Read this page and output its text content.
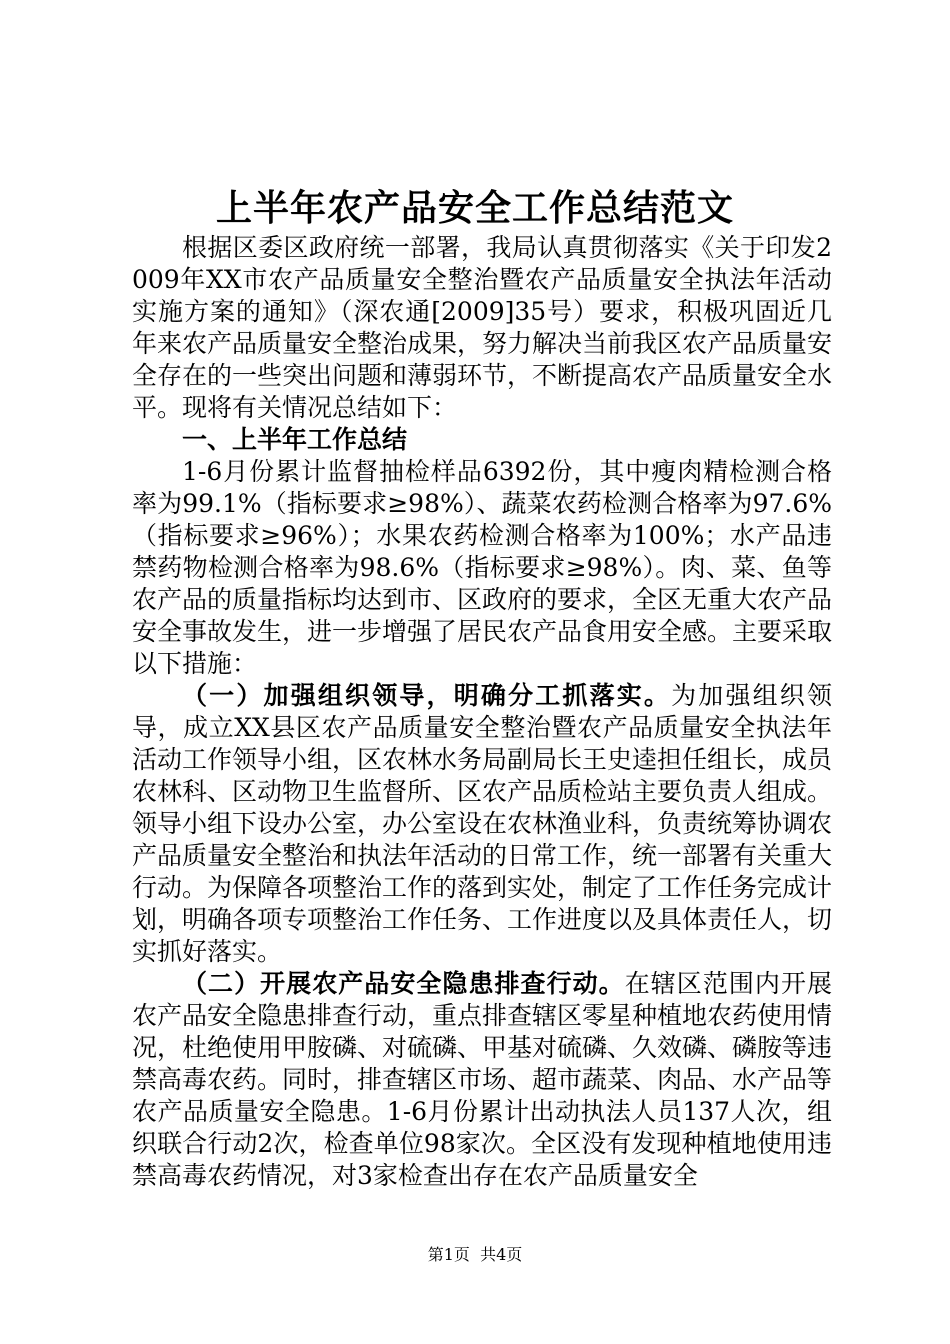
上半年农产品安全工作总结范文

根据区委区政府统一部署，我局认真贯彻落实《关于印发2009年XX市农产品质量安全整治暨农产品质量安全执法年活动实施方案的通知》（深农通[2009]35号）要求，积极巩固近几年来农产品质量安全整治成果，努力解决当前我区农产品质量安全存在的一些突出问题和薄弱环节，不断提高农产品质量安全水平。现将有关情况总结如下：

一、上半年工作总结

1-6月份累计监督抽检样品6392份，其中瘦肉精检测合格率为99.1%（指标要求≥98%）、蔬菜农药检测合格率为97.6%（指标要求≥96%）；水果农药检测合格率为100%；水产品违禁药物检测合格率为98.6%（指标要求≥98%）。肉、菜、鱼等农产品的质量指标均达到市、区政府的要求，全区无重大农产品安全事故发生，进一步增强了居民农产品食用安全感。主要采取以下措施：

（一）加强组织领导，明确分工抓落实。为加强组织领导，成立XX县区农产品质量安全整治暨农产品质量安全执法年活动工作领导小组，区农林水务局副局长王史逵担任组长，成员农林科、区动物卫生监督所、区农产品质检站主要负责人组成。领导小组下设办公室，办公室设在农林渔业科，负责统筹协调农产品质量安全整治和执法年活动的日常工作，统一部署有关重大行动。为保障各项整治工作的落到实处，制定了工作任务完成计划，明确各项专项整治工作任务、工作进度以及具体责任人，切实抓好落实。

（二）开展农产品安全隐患排查行动。在辖区范围内开展农产品安全隐患排查行动，重点排查辖区零星种植地农药使用情况，杜绝使用甲胺磷、对硫磷、甲基对硫磷、久效磷、磷胺等违禁高毒农药。同时，排查辖区市场、超市蔬菜、肉品、水产品等农产品质量安全隐患。1-6月份累计出动执法人员137人次，组织联合行动2次，检查单位98家次。全区没有发现种植地使用违禁高毒农药情况，对3家检查出存在农产品质量安全

第1页  共4页
